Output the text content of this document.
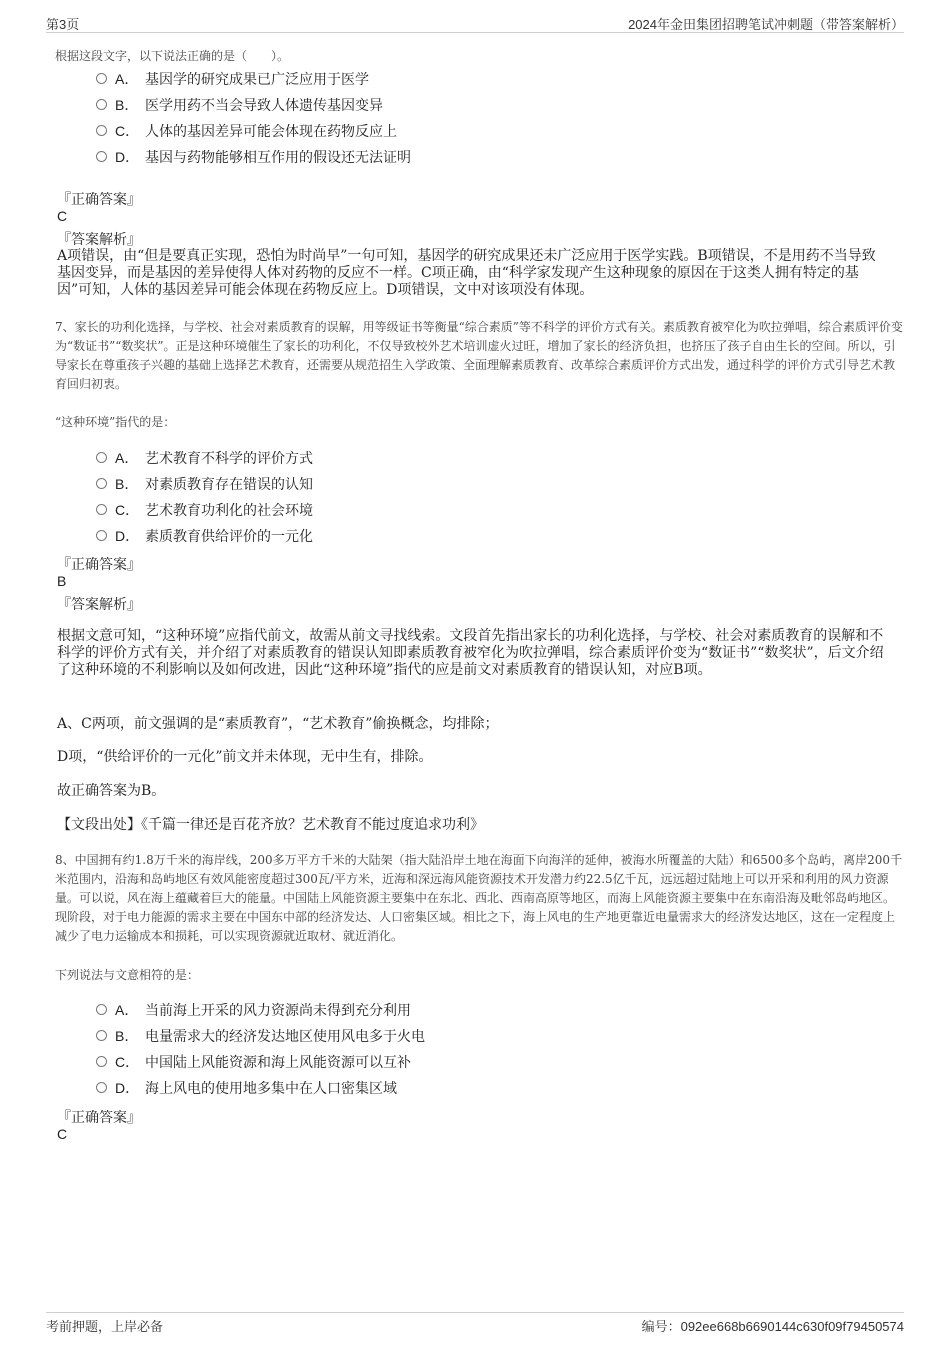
第3页	2024年金田集团招聘笔试冲刺题（带答案解析）
根据这段文字，以下说法正确的是（　　）。
A． 基因学的研究成果已广泛应用于医学
B． 医学用药不当会导致人体遗传基因变异
C． 人体的基因差异可能会体现在药物反应上
D． 基因与药物能够相互作用的假设还无法证明
『正确答案』
C
『答案解析』
A项错误，由“但是要真正实现，恐怕为时尚早”一句可知，基因学的研究成果还未广泛应用于医学实践。B项错误，不是用药不当导致基因变异，而是基因的差异使得人体对药物的反应不一样。C项正确，由“科学家发现产生这种现象的原因在于这类人拥有特定的基因”可知，人体的基因差异可能会体现在药物反应上。D项错误，文中对该项没有体现。
7、家长的功利化选择，与学校、社会对素质教育的误解，用等级证书等衡量“综合素质”等不科学的评价方式有关。素质教育被窄化为吹拉弹唱，综合素质评价变为“数证书”“数奖状”。正是这种环境催生了家长的功利化，不仅导致校外艺术培训虚火过旺，增加了家长的经济负担，也挤压了孩子自由生长的空间。所以，引导家长在尊重孩子兴趣的基础上选择艺术教育，还需要从规范招生入学政策、全面理解素质教育、改革综合素质评价方式出发，通过科学的评价方式引导艺术教育回归初衷。
“这种环境”指代的是：
A． 艺术教育不科学的评价方式
B． 对素质教育存在错误的认知
C． 艺术教育功利化的社会环境
D． 素质教育供给评价的一元化
『正确答案』
B
『答案解析』
根据文意可知，“这种环境”应指代前文，故需从前文寻找线索。文段首先指出家长的功利化选择，与学校、社会对素质教育的误解和不科学的评价方式有关，并介绍了对素质教育的错误认知即素质教育被窄化为吹拉弹唱，综合素质评价变为“数证书”“数奖状”，后文介绍了这种环境的不利影响以及如何改进，因此“这种环境”指代的应是前文对素质教育的错误认知，对应B项。
A、C两项，前文强调的是“素质教育”，“艺术教育”偷换概念，均排除；
D项，“供给评价的一元化”前文并未体现，无中生有，排除。
故正确答案为B。
【文段出处】《千篇一律还是百花齐放？艺术教育不能过度追求功利》
8、中国拥有约1.8万千米的海岸线，200多万平方千米的大陆架（指大陆沿岸土地在海面下向海洋的延伸，被海水所覆盖的大陆）和6500多个岛屿，离岸200千米范围内，沿海和岛屿地区有效风能密度超过300瓦/平方米，近海和深远海风能资源技术开发潜力约22.5亿千瓦，远远超过陆地上可以开采和利用的风力资源量。可以说，风在海上蕴藏着巨大的能量。中国陆上风能资源主要集中在东北、西北、西南高原等地区，而海上风能资源主要集中在东南沿海及毗邻岛屿地区。现阶段，对于电力能源的需求主要在中国东中部的经济发达、人口密集区域。相比之下，海上风电的生产地更靠近电量需求大的经济发达地区，这在一定程度上减少了电力运输成本和损耗，可以实现资源就近取材、就近消化。
下列说法与文意相符的是：
A． 当前海上开采的风力资源尚未得到充分利用
B． 电量需求大的经济发达地区使用风电多于火电
C． 中国陆上风能资源和海上风能资源可以互补
D． 海上风电的使用地多集中在人口密集区域
『正确答案』
C
考前押题，上岸必备	编号：092ee668b6690144c630f09f79450574
